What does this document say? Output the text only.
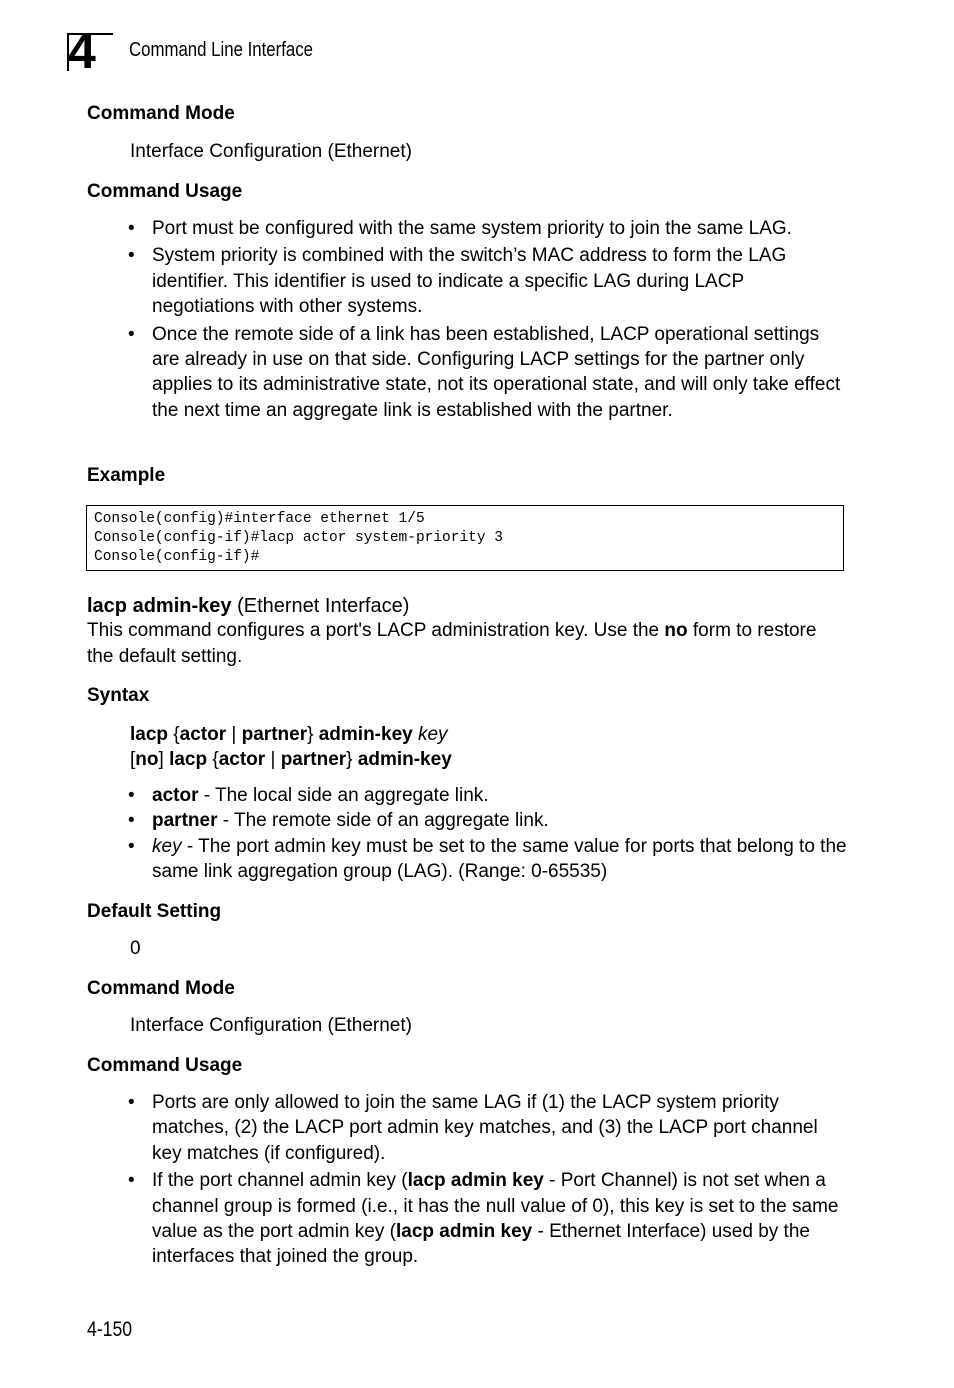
4 Command Line Interface
Command Mode
Interface Configuration (Ethernet)
Command Usage
• Port must be configured with the same system priority to join the same LAG.
• System priority is combined with the switch’s MAC address to form the LAG identifier. This identifier is used to indicate a specific LAG during LACP negotiations with other systems.
• Once the remote side of a link has been established, LACP operational settings are already in use on that side. Configuring LACP settings for the partner only applies to its administrative state, not its operational state, and will only take effect the next time an aggregate link is established with the partner.
Example
Console(config)#interface ethernet 1/5
Console(config-if)#lacp actor system-priority 3
Console(config-if)#
lacp admin-key (Ethernet Interface)
This command configures a port's LACP administration key. Use the no form to restore the default setting.
Syntax
lacp {actor | partner} admin-key key
[no] lacp {actor | partner} admin-key
• actor - The local side an aggregate link.
• partner - The remote side of an aggregate link.
• key - The port admin key must be set to the same value for ports that belong to the same link aggregation group (LAG). (Range: 0-65535)
Default Setting
0
Command Mode
Interface Configuration (Ethernet)
Command Usage
• Ports are only allowed to join the same LAG if (1) the LACP system priority matches, (2) the LACP port admin key matches, and (3) the LACP port channel key matches (if configured).
• If the port channel admin key (lacp admin key - Port Channel) is not set when a channel group is formed (i.e., it has the null value of 0), this key is set to the same value as the port admin key (lacp admin key - Ethernet Interface) used by the interfaces that joined the group.
4-150
